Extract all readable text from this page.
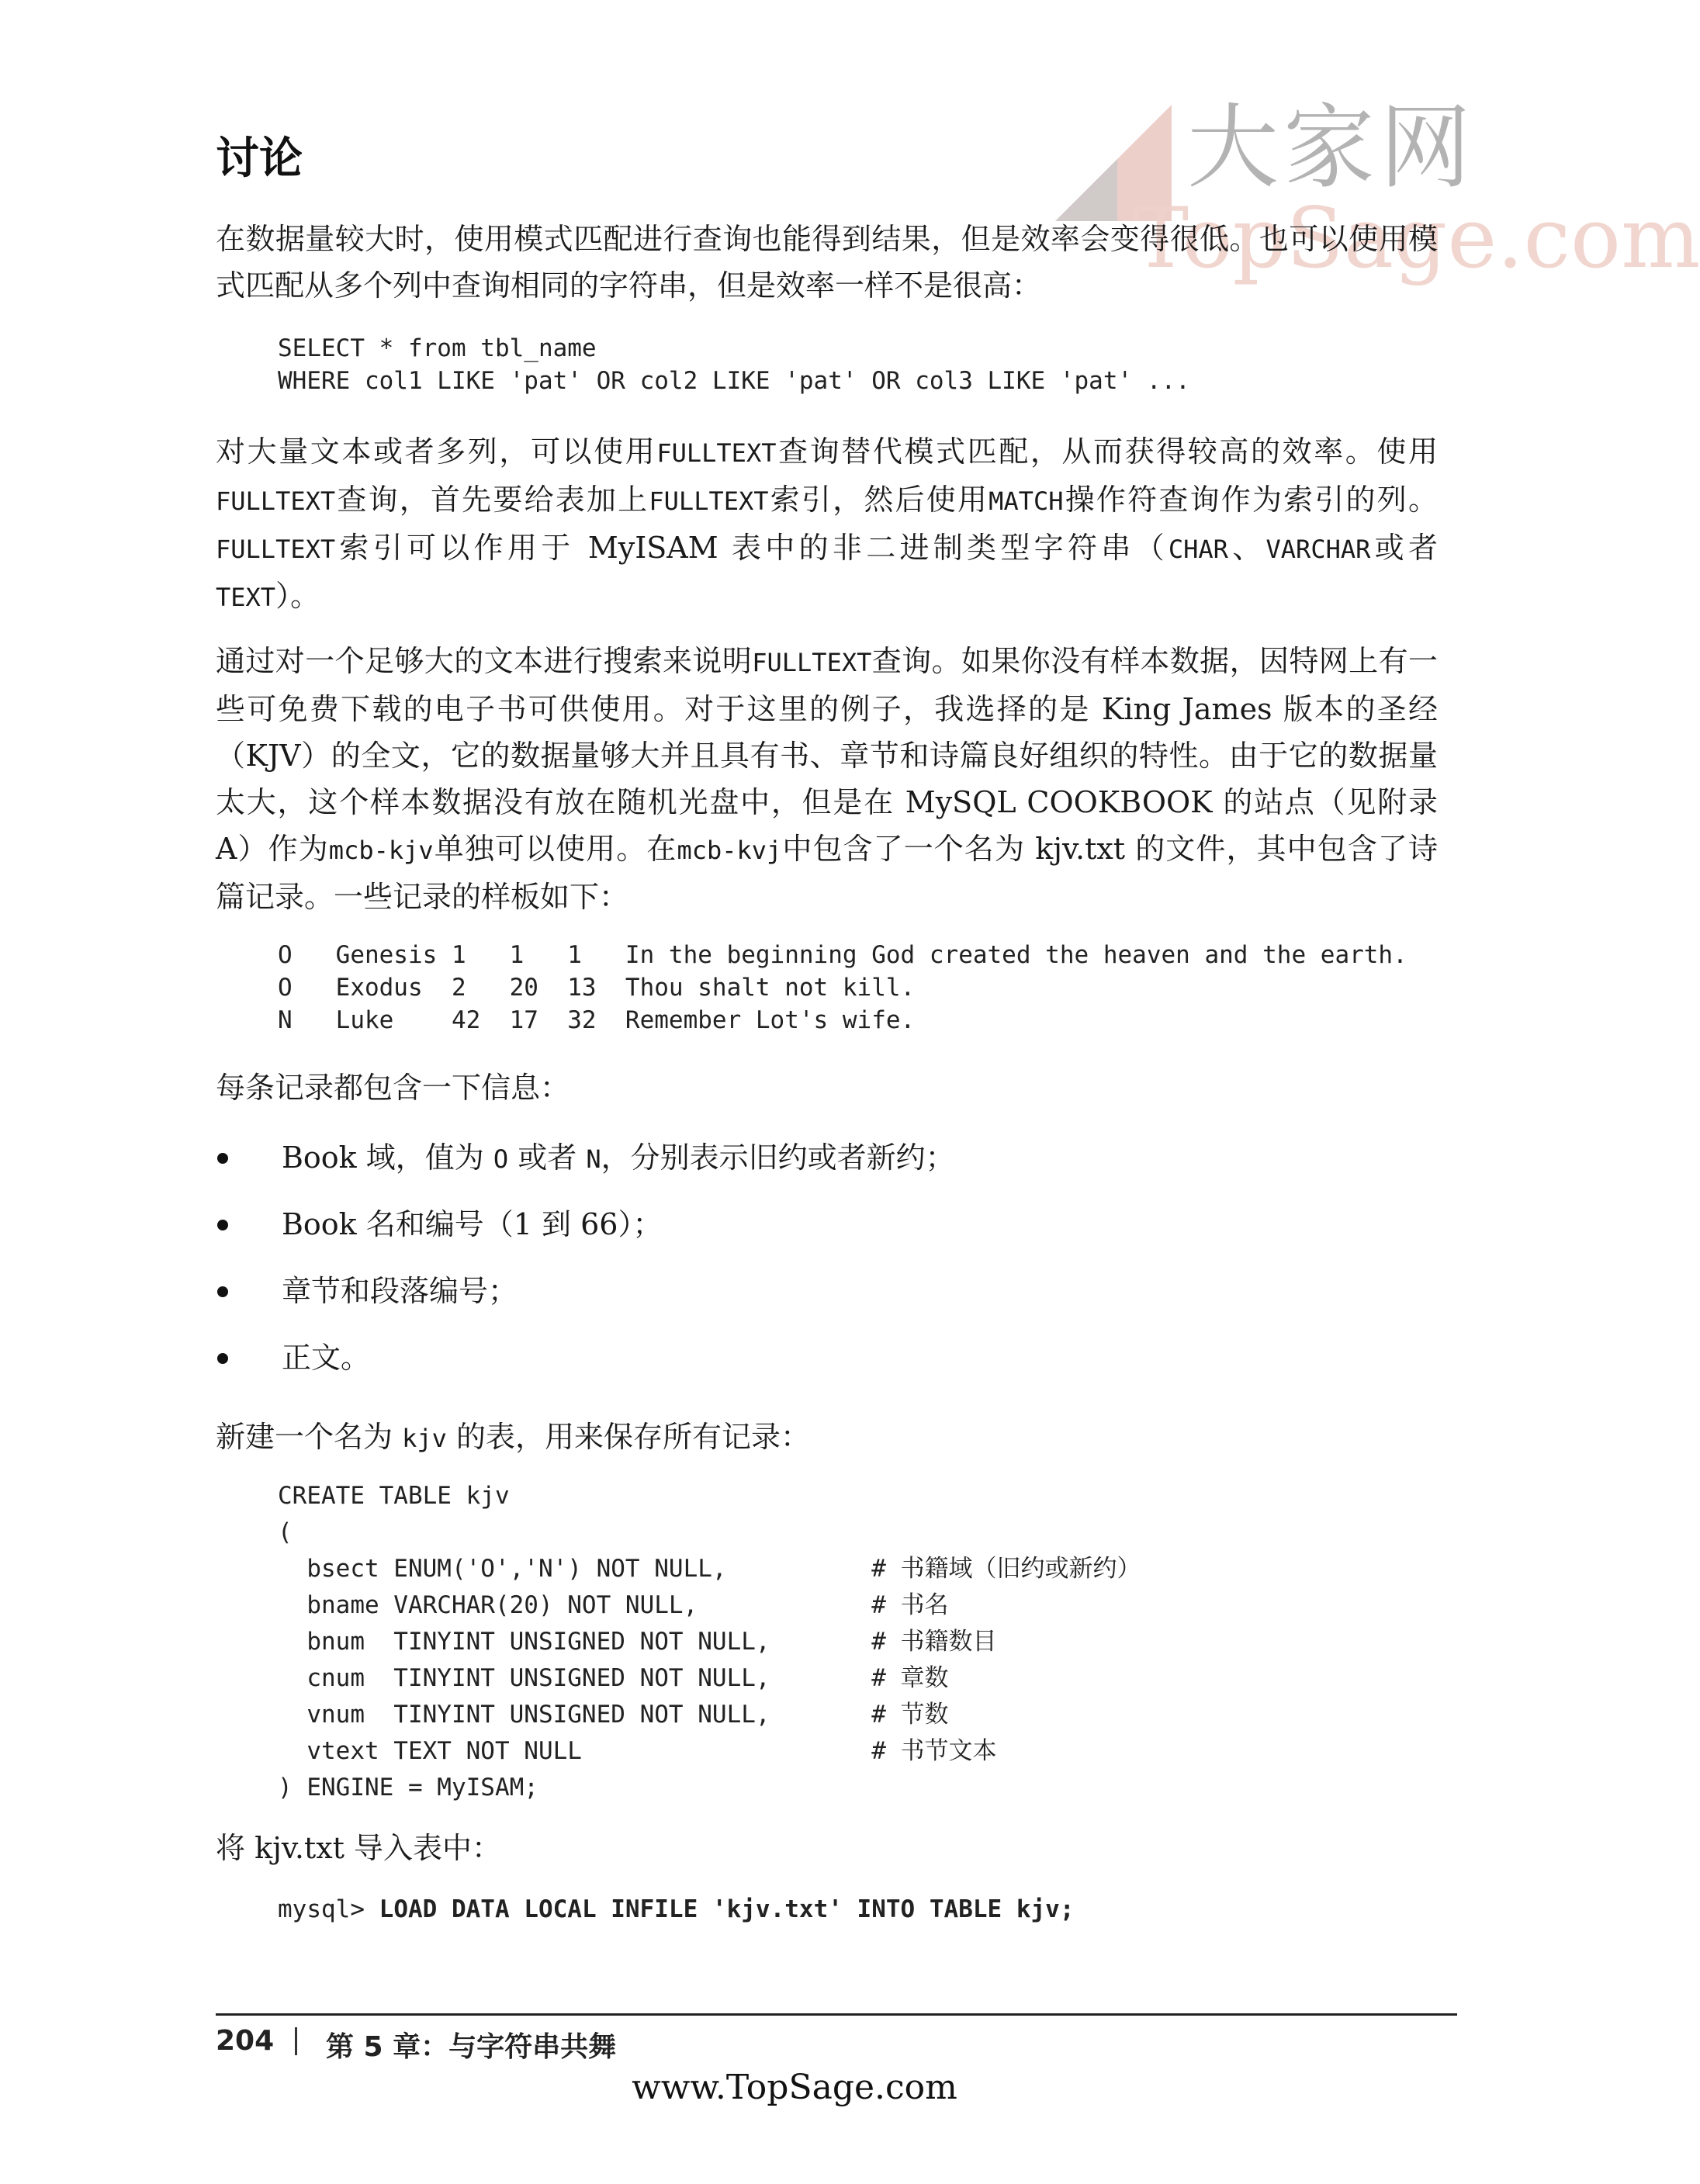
大家网
TopSage.com
讨论
在数据量较大时，使用模式匹配进行查询也能得到结果，但是效率会变得很低。也可以使用模式匹配从多个列中查询相同的字符串，但是效率一样不是很高：
SELECT * from tbl_name
WHERE col1 LIKE 'pat' OR col2 LIKE 'pat' OR col3 LIKE 'pat' ...
对大量文本或者多列，可以使用FULLTEXT查询替代模式匹配，从而获得较高的效率。使用FULLTEXT查询，首先要给表加上FULLTEXT索引，然后使用MATCH操作符查询作为索引的列。FULLTEXT索引可以作用于 MyISAM 表中的非二进制类型字符串（CHAR、VARCHAR或者 TEXT）。
通过对一个足够大的文本进行搜索来说明FULLTEXT查询。如果你没有样本数据，因特网上有一些可免费下载的电子书可供使用。对于这里的例子，我选择的是 King James 版本的圣经（KJV）的全文，它的数据量够大并且具有书、章节和诗篇良好组织的特性。由于它的数据量太大，这个样本数据没有放在随机光盘中，但是在 MySQL COOKBOOK 的站点（见附录 A）作为mcb-kjv单独可以使用。在mcb-kvj中包含了一个名为 kjv.txt 的文件，其中包含了诗篇记录。一些记录的样板如下：
O   Genesis 1   1   1   In the beginning God created the heaven and the earth.
O   Exodus  2   20  13  Thou shalt not kill.
N   Luke    42  17  32  Remember Lot's wife.
每条记录都包含一下信息：
Book 域，值为 O 或者 N，分别表示旧约或者新约；
Book 名和编号（1 到 66）；
章节和段落编号；
正文。
新建一个名为 kjv 的表，用来保存所有记录：
CREATE TABLE kjv
(
bsect ENUM('O','N') NOT NULL,          # 书籍域（旧约或新约）
bname VARCHAR(20) NOT NULL,            # 书名
bnum  TINYINT UNSIGNED NOT NULL,       # 书籍数目
cnum  TINYINT UNSIGNED NOT NULL,       # 章数
vnum  TINYINT UNSIGNED NOT NULL,       # 节数
vtext TEXT NOT NULL                    # 书节文本
) ENGINE = MyISAM;
将 kjv.txt 导入表中：
mysql> LOAD DATA LOCAL INFILE 'kjv.txt' INTO TABLE kjv;
204 第 5 章：与字符串共舞
www.TopSage.com
